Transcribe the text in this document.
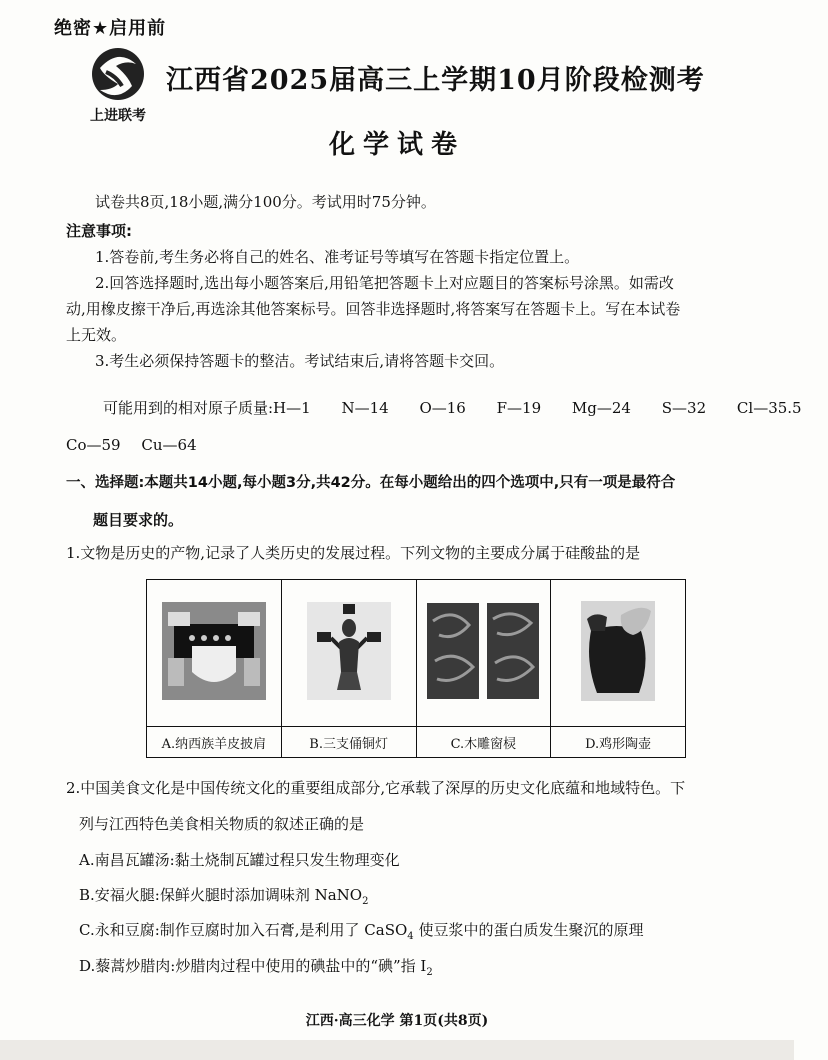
绝密★启用前
上进联考
江西省2025届高三上学期10月阶段检测考
化学试卷
试卷共8页,18小题,满分100分。考试用时75分钟。
注意事项:
1.答卷前,考生务必将自己的姓名、准考证号等填写在答题卡指定位置上。
2.回答选择题时,选出每小题答案后,用铅笔把答题卡上对应题目的答案标号涂黑。如需改
动,用橡皮擦干净后,再选涂其他答案标号。回答非选择题时,将答案写在答题卡上。写在本试卷
上无效。
3.考生必须保持答题卡的整洁。考试结束后,请将答题卡交回。
可能用到的相对原子质量:H—1 N—14 O—16 F—19 Mg—24 S—32 Cl—35.5
Co—59 Cu—64
一、选择题:本题共14小题,每小题3分,共42分。在每小题给出的四个选项中,只有一项是最符合
题目要求的。
1.文物是历史的产物,记录了人类历史的发展过程。下列文物的主要成分属于硅酸盐的是

A.纳西族羊皮披肩	B.三支俑铜灯	C.木雕窗棂	D.鸡形陶壶
2.中国美食文化是中国传统文化的重要组成部分,它承载了深厚的历史文化底蕴和地域特色。下
列与江西特色美食相关物质的叙述正确的是
A.南昌瓦罐汤:黏土烧制瓦罐过程只发生物理变化
B.安福火腿:保鲜火腿时添加调味剂 NaNO$_2$
C.永和豆腐:制作豆腐时加入石膏,是利用了 CaSO$_4$ 使豆浆中的蛋白质发生聚沉的原理
D.藜蒿炒腊肉:炒腊肉过程中使用的碘盐中的“碘”指 $I_2$
江西·高三化学 第1页(共8页)
